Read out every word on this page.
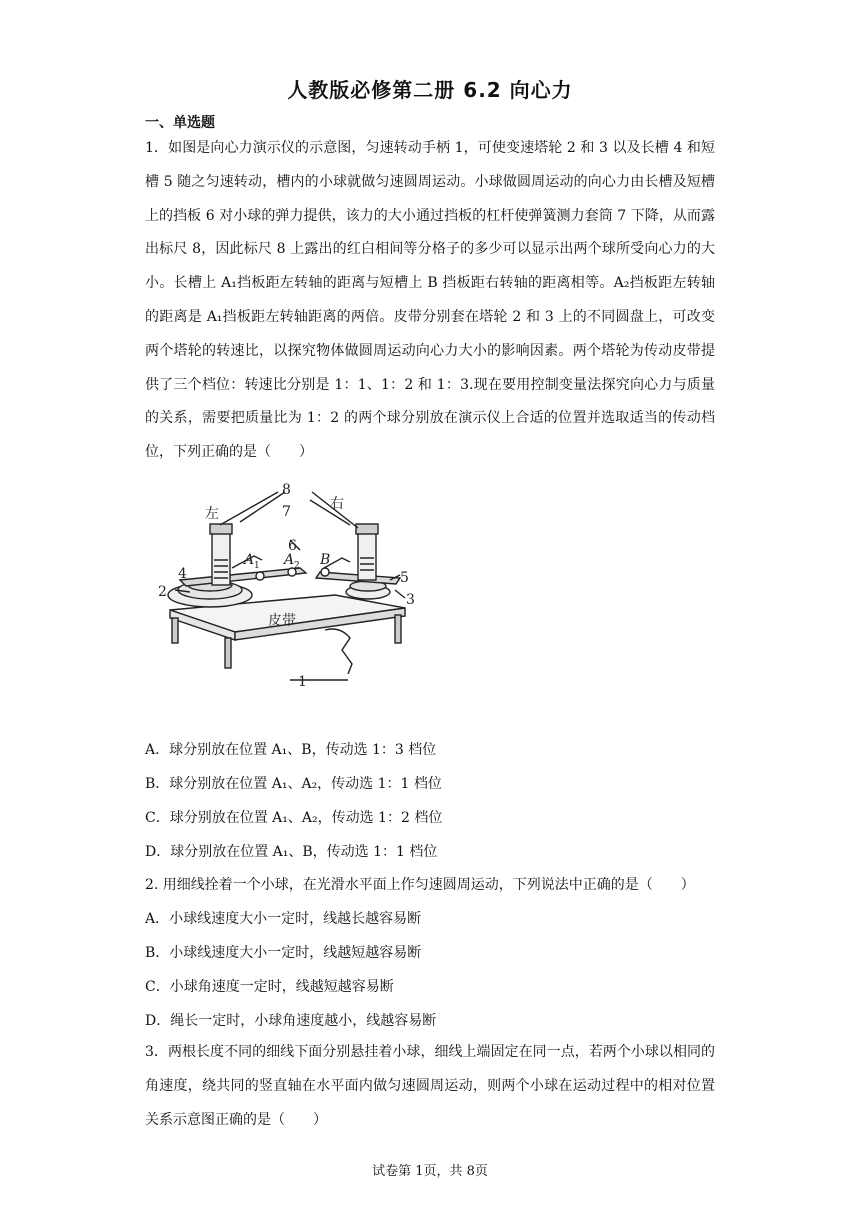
人教版必修第二册 6.2 向心力
一、单选题
1．如图是向心力演示仪的示意图，匀速转动手柄 1，可使变速塔轮 2 和 3 以及长槽 4 和短槽 5 随之匀速转动，槽内的小球就做匀速圆周运动。小球做圆周运动的向心力由长槽及短槽上的挡板 6 对小球的弹力提供，该力的大小通过挡板的杠杆使弹簧测力套筒 7 下降，从而露出标尺 8，因此标尺 8 上露出的红白相间等分格子的多少可以显示出两个球所受向心力的大小。长槽上 A₁挡板距左转轴的距离与短槽上 B 挡板距右转轴的距离相等。A₂挡板距左转轴的距离是 A₁挡板距左转轴距离的两倍。皮带分别套在塔轮 2 和 3 上的不同圆盘上，可改变两个塔轮的转速比，以探究物体做圆周运动向心力大小的影响因素。两个塔轮为传动皮带提供了三个档位：转速比分别是 1：1、1：2 和 1：3.现在要用控制变量法探究向心力与质量的关系，需要把质量比为 1：2 的两个球分别放在演示仪上合适的位置并选取适当的传动档位，下列正确的是（　　）
左
右
8
7
6
4
2
5
3
1
皮带
A 1 A 2 B
A．球分别放在位置 A₁、B，传动选 1：3 档位
B．球分别放在位置 A₁、A₂，传动选 1：1 档位
C．球分别放在位置 A₁、A₂，传动选 1：2 档位
D．球分别放在位置 A₁、B，传动选 1：1 档位
2. 用细线拴着一个小球，在光滑水平面上作匀速圆周运动，下列说法中正确的是（　　）
A．小球线速度大小一定时，线越长越容易断
B．小球线速度大小一定时，线越短越容易断
C．小球角速度一定时，线越短越容易断
D．绳长一定时，小球角速度越小，线越容易断
3．两根长度不同的细线下面分别悬挂着小球，细线上端固定在同一点，若两个小球以相同的角速度，绕共同的竖直轴在水平面内做匀速圆周运动，则两个小球在运动过程中的相对位置关系示意图正确的是（　　）
试卷第 1页，共 8页
